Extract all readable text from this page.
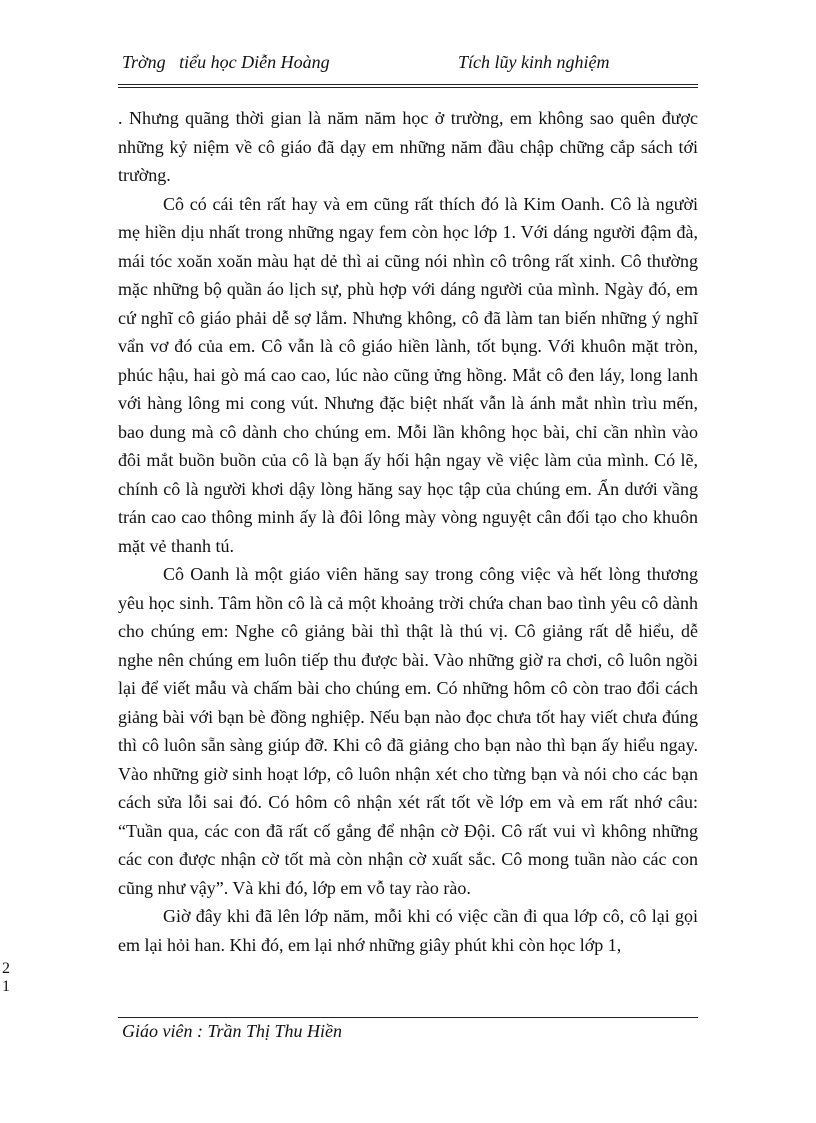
Trờng   tiểu học Diễn Hoàng	Tích lũy kinh nghiệm

. Nhưng quãng thời gian là năm năm học ở trường, em không sao quên được những kỷ niệm về cô giáo đã dạy em những năm đầu chập chững cắp sách tới trường.

Cô có cái tên rất hay và em cũng rất thích đó là Kim Oanh. Cô là người mẹ hiền dịu nhất trong những ngay fem còn học lớp 1. Với dáng người đậm đà, mái tóc xoăn xoăn màu hạt dẻ thì ai cũng nói nhìn cô trông rất xinh. Cô thường mặc những bộ quần áo lịch sự, phù hợp với dáng người của mình. Ngày đó, em cứ nghĩ cô giáo phải dễ sợ lắm. Nhưng không, cô đã làm tan biến những ý nghĩ vẩn vơ đó của em. Cô vẫn là cô giáo hiền lành, tốt bụng. Với khuôn mặt tròn, phúc hậu, hai gò má cao cao, lúc nào cũng ửng hồng. Mắt cô đen láy, long lanh với hàng lông mi cong vút. Nhưng đặc biệt nhất vẫn là ánh mắt nhìn trìu mến, bao dung mà cô dành cho chúng em. Mỗi lần không học bài, chỉ cần nhìn vào đôi mắt buồn buồn của cô là bạn ấy hối hận ngay về việc làm của mình. Có lẽ, chính cô là người khơi dậy lòng hăng say học tập của chúng em. Ẩn dưới vầng trán cao cao thông minh ấy là đôi lông mày vòng nguyệt cân đối tạo cho khuôn mặt vẻ thanh tú.

Cô Oanh là một giáo viên hăng say trong công việc và hết lòng thương yêu học sinh. Tâm hồn cô là cả một khoảng trời chứa chan bao tình yêu cô dành cho chúng em: Nghe cô giảng bài thì thật là thú vị. Cô giảng rất dễ hiểu, dễ nghe nên chúng em luôn tiếp thu được bài. Vào những giờ ra chơi, cô luôn ngồi lại để viết mẫu và chấm bài cho chúng em. Có những hôm cô còn trao đổi cách giảng bài với bạn bè đồng nghiệp. Nếu bạn nào đọc chưa tốt hay viết chưa đúng thì cô luôn sẵn sàng giúp đỡ. Khi cô đã giảng cho bạn nào thì bạn ấy hiểu ngay. Vào những giờ sinh hoạt lớp, cô luôn nhận xét cho từng bạn và nói cho các bạn cách sửa lỗi sai đó. Có hôm cô nhận xét rất tốt về lớp em và em rất nhớ câu: “Tuần qua, các con đã rất cố gắng để nhận cờ Đội. Cô rất vui vì không những các con được nhận cờ tốt mà còn nhận cờ xuất sắc. Cô mong tuần nào các con cũng như vậy”. Và khi đó, lớp em vỗ tay rào rào.

Giờ đây khi đã lên lớp năm, mỗi khi có việc cần đi qua lớp cô, cô lại gọi em lại hỏi han. Khi đó, em lại nhớ những giây phút khi còn học lớp 1,

2
1
Giáo viên : Trần Thị Thu Hiền
